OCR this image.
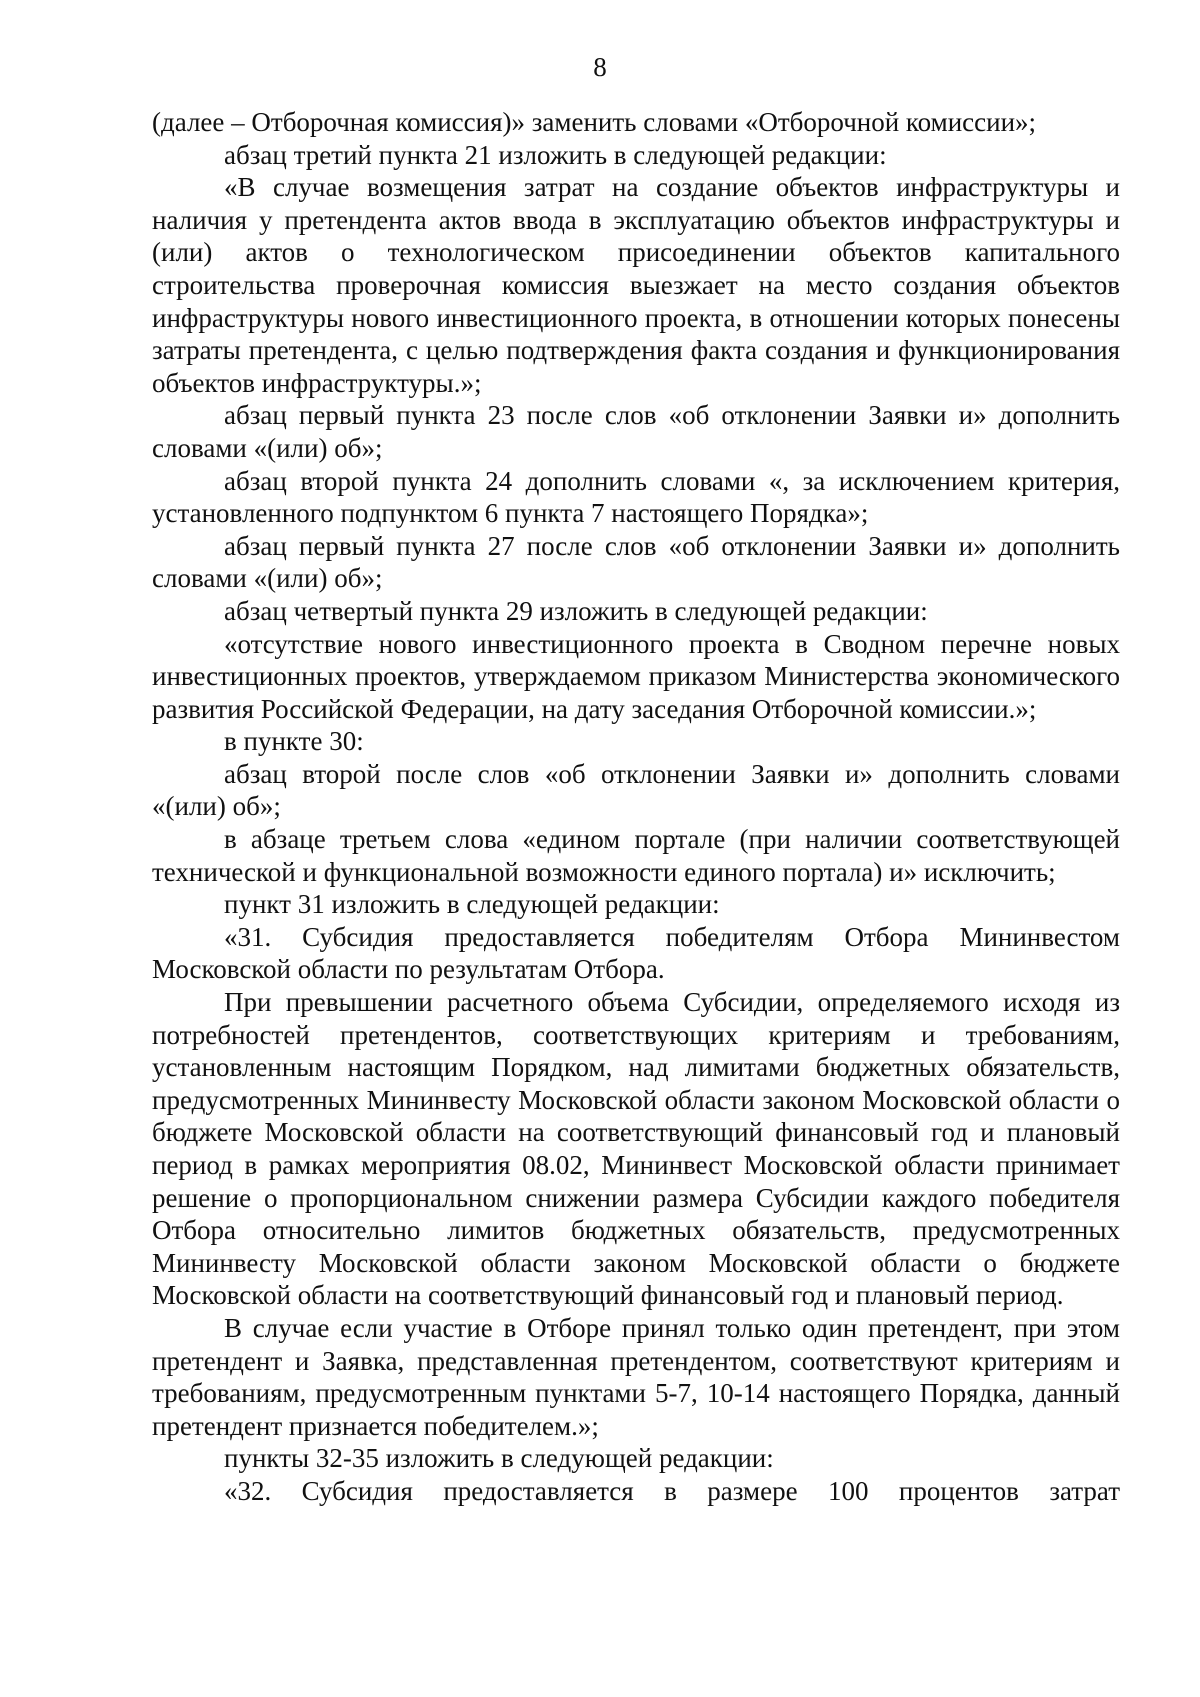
8

(далее – Отборочная комиссия)» заменить словами «Отборочной комиссии»;

абзац третий пункта 21 изложить в следующей редакции:

«В случае возмещения затрат на создание объектов инфраструктуры и наличия у претендента актов ввода в эксплуатацию объектов инфраструктуры и (или) актов о технологическом присоединении объектов капитального строительства проверочная комиссия выезжает на место создания объектов инфраструктуры нового инвестиционного проекта, в отношении которых понесены затраты претендента, с целью подтверждения факта создания и функционирования объектов инфраструктуры.»;

абзац первый пункта 23 после слов «об отклонении Заявки и» дополнить словами «(или) об»;

абзац второй пункта 24 дополнить словами «, за исключением критерия, установленного подпунктом 6 пункта 7 настоящего Порядка»;

абзац первый пункта 27 после слов «об отклонении Заявки и» дополнить словами «(или) об»;

абзац четвертый пункта 29 изложить в следующей редакции:

«отсутствие нового инвестиционного проекта в Сводном перечне новых инвестиционных проектов, утверждаемом приказом Министерства экономического развития Российской Федерации, на дату заседания Отборочной комиссии.»;

в пункте 30:

абзац второй после слов «об отклонении Заявки и» дополнить словами «(или) об»;

в абзаце третьем слова «едином портале (при наличии соответствующей технической и функциональной возможности единого портала) и» исключить;

пункт 31 изложить в следующей редакции:

«31. Субсидия предоставляется победителям Отбора Мининвестом Московской области по результатам Отбора.

При превышении расчетного объема Субсидии, определяемого исходя из потребностей претендентов, соответствующих критериям и требованиям, установленным настоящим Порядком, над лимитами бюджетных обязательств, предусмотренных Мининвесту Московской области законом Московской области о бюджете Московской области на соответствующий финансовый год и плановый период в рамках мероприятия 08.02, Мининвест Московской области принимает решение о пропорциональном снижении размера Субсидии каждого победителя Отбора относительно лимитов бюджетных обязательств, предусмотренных Мининвесту Московской области законом Московской области о бюджете Московской области на соответствующий финансовый год и плановый период.

В случае если участие в Отборе принял только один претендент, при этом претендент и Заявка, представленная претендентом, соответствуют критериям и требованиям, предусмотренным пунктами 5-7, 10-14 настоящего Порядка, данный претендент признается победителем.»;

пункты 32-35 изложить в следующей редакции:

«32. Субсидия предоставляется в размере 100 процентов затрат
